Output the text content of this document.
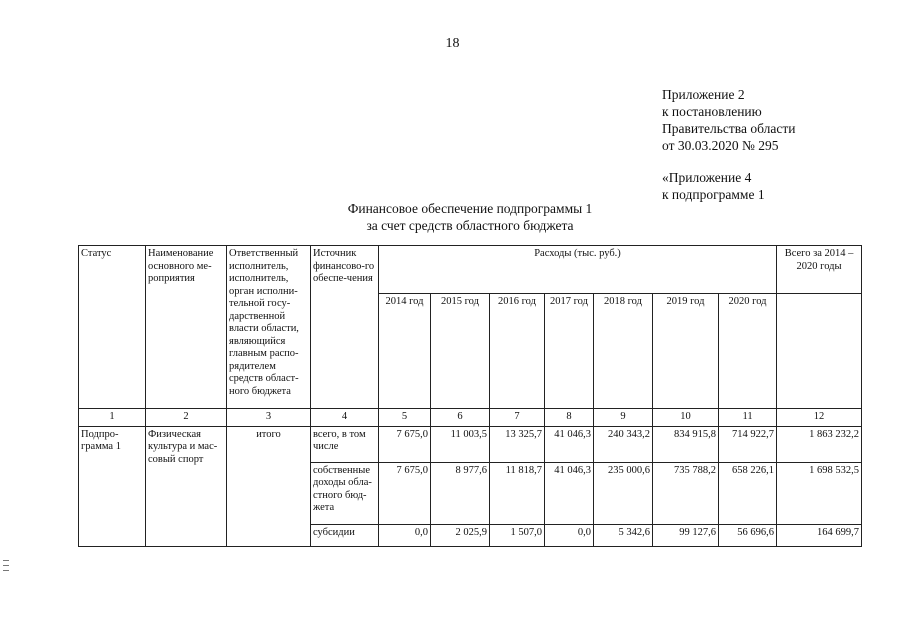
18
Приложение 2
к постановлению
Правительства области
от 30.03.2020 № 295
«Приложение 4
к подпрограмме 1
Финансовое обеспечение подпрограммы 1
за счет средств областного бюджета
Статус	Наименование основного ме-роприятия	Ответственный исполнитель, исполнитель, орган исполни-тельной госу-дарственной власти области, являющийся главным распо-рядителем средств област-ного бюджета	Источник финансово-го обеспе-чения	Расходы (тыс. руб.)							Всего за 2014 – 2020 годы
				2014 год	2015 год	2016 год	2017 год	2018 год	2019 год	2020 год	
1	2	3	4	5	6	7	8	9	10	11	12
Подпро-грамма 1	Физическая культура и мас-совый спорт	итого	всего, в том числе	7 675,0	11 003,5	13 325,7	41 046,3	240 343,2	834 915,8	714 922,7	1 863 232,2
			собственные доходы обла-стного бюд-жета	7 675,0	8 977,6	11 818,7	41 046,3	235 000,6	735 788,2	658 226,1	1 698 532,5
			субсидии	0,0	2 025,9	1 507,0	0,0	5 342,6	99 127,6	56 696,6	164 699,7
